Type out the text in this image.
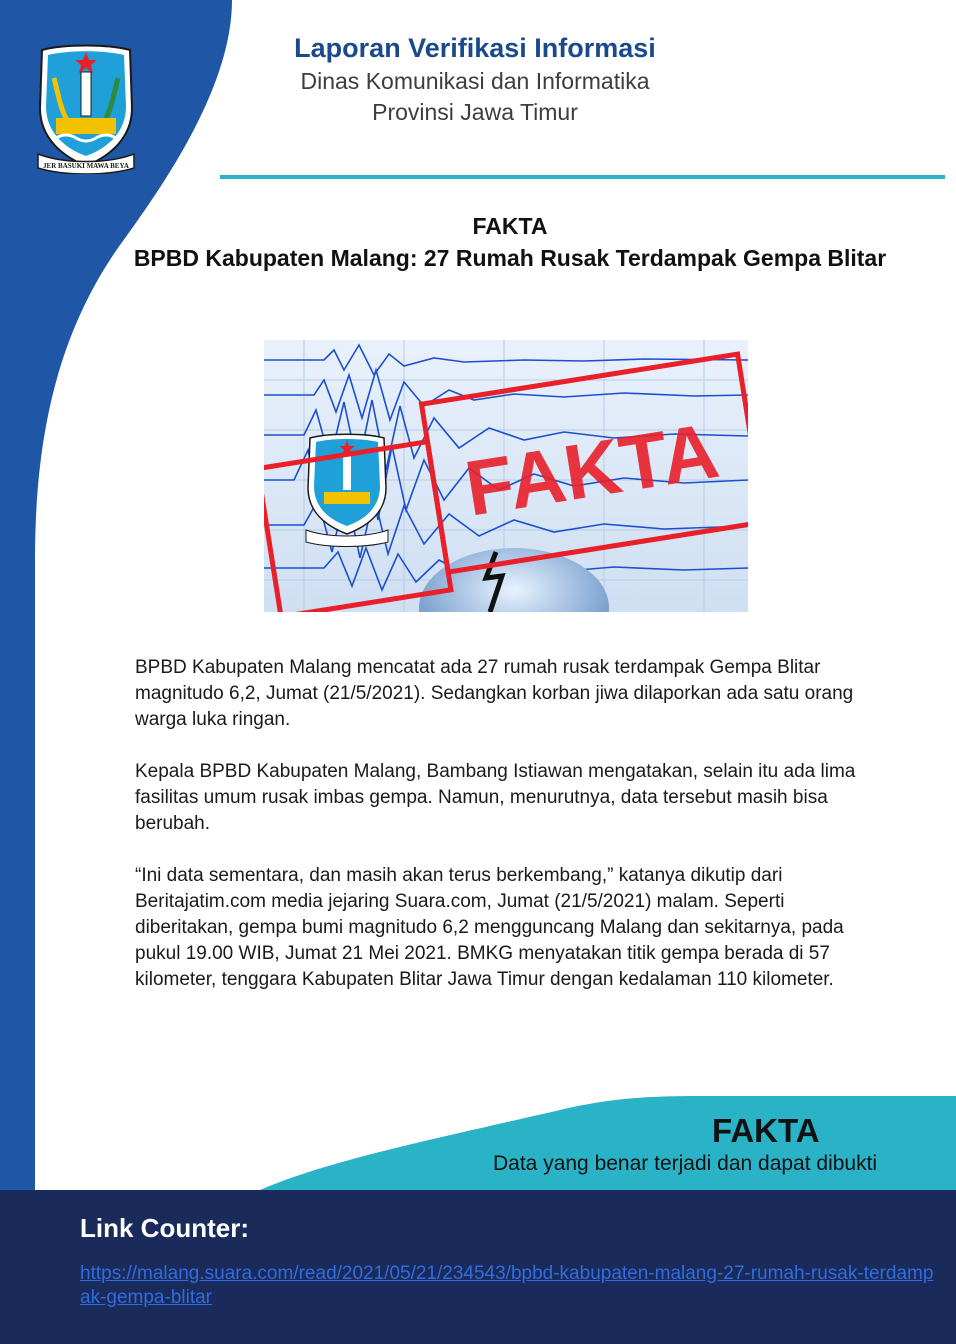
JER BASUKI MAWA BEYA
Laporan Verifikasi Informasi
Dinas Komunikasi dan Informatika
Provinsi Jawa Timur
FAKTA
BPBD Kabupaten Malang: 27 Rumah Rusak Terdampak Gempa Blitar
FAKTA

BPBD Kabupaten Malang mencatat ada 27 rumah rusak terdampak Gempa Blitar magnitudo 6,2, Jumat (21/5/2021). Sedangkan korban jiwa dilaporkan ada satu orang warga luka ringan.

Kepala BPBD Kabupaten Malang, Bambang Istiawan mengatakan, selain itu ada lima fasilitas umum rusak imbas gempa. Namun, menurutnya, data tersebut masih bisa berubah.

“Ini data sementara, dan masih akan terus berkembang,” katanya dikutip dari Beritajatim.com media jejaring Suara.com, Jumat (21/5/2021) malam. Seperti diberitakan, gempa bumi magnitudo 6,2 mengguncang Malang dan sekitarnya, pada pukul 19.00 WIB, Jumat 21 Mei 2021. BMKG menyatakan titik gempa berada di 57 kilometer, tenggara Kabupaten Blitar Jawa Timur dengan kedalaman 110 kilometer.

FAKTA
Data yang benar terjadi dan dapat dibukti
Link Counter:
https://malang.suara.com/read/2021/05/21/234543/bpbd-kabupaten-malang-27-rumah-rusak-terdampak-gempa-blitar
